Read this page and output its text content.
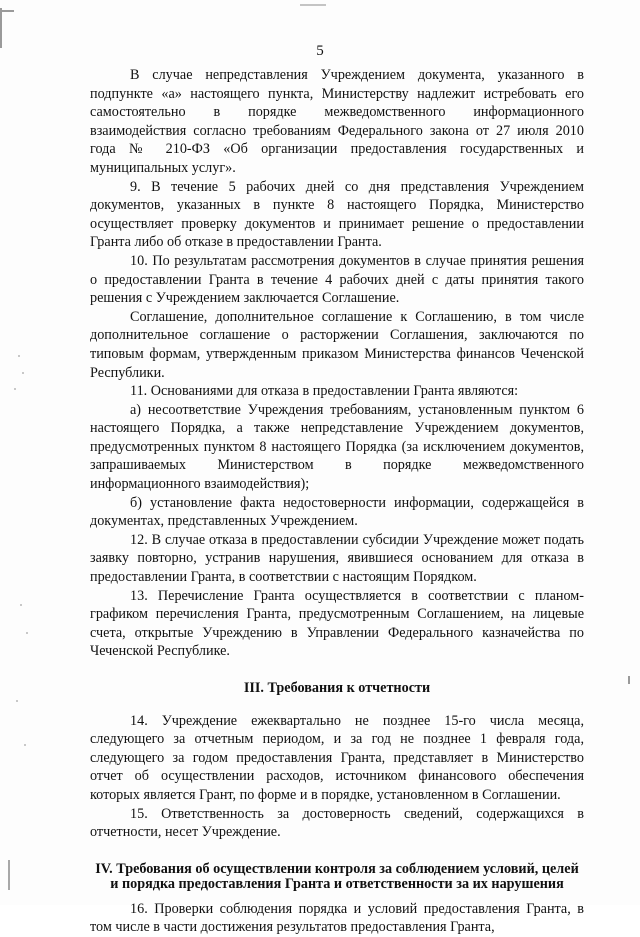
5

В случае непредставления Учреждением документа, указанного в подпункте «а» настоящего пункта, Министерству надлежит истребовать его самостоятельно в порядке межведомственного информационного взаимодействия согласно требованиям Федерального закона от 27 июля 2010 года № 210-ФЗ «Об организации предоставления государственных и муниципальных услуг».

9. В течение 5 рабочих дней со дня представления Учреждением документов, указанных в пункте 8 настоящего Порядка, Министерство осуществляет проверку документов и принимает решение о предоставлении Гранта либо об отказе в предоставлении Гранта.

10. По результатам рассмотрения документов в случае принятия решения о предоставлении Гранта в течение 4 рабочих дней с даты принятия такого решения с Учреждением заключается Соглашение.

Соглашение, дополнительное соглашение к Соглашению, в том числе дополнительное соглашение о расторжении Соглашения, заключаются по типовым формам, утвержденным приказом Министерства финансов Чеченской Республики.

11. Основаниями для отказа в предоставлении Гранта являются:

а) несоответствие Учреждения требованиям, установленным пунктом 6 настоящего Порядка, а также непредставление Учреждением документов, предусмотренных пунктом 8 настоящего Порядка (за исключением документов, запрашиваемых Министерством в порядке межведомственного информационного взаимодействия);

б) установление факта недостоверности информации, содержащейся в документах, представленных Учреждением.

12. В случае отказа в предоставлении субсидии Учреждение может подать заявку повторно, устранив нарушения, явившиеся основанием для отказа в предоставлении Гранта, в соответствии с настоящим Порядком.

13. Перечисление Гранта осуществляется в соответствии с планом-графиком перечисления Гранта, предусмотренным Соглашением, на лицевые счета, открытые Учреждению в Управлении Федерального казначейства по Чеченской Республике.

III. Требования к отчетности

14. Учреждение ежеквартально не позднее 15-го числа месяца, следующего за отчетным периодом, и за год не позднее 1 февраля года, следующего за годом предоставления Гранта, представляет в Министерство отчет об осуществлении расходов, источником финансового обеспечения которых является Грант, по форме и в порядке, установленном в Соглашении.

15. Ответственность за достоверность сведений, содержащихся в отчетности, несет Учреждение.

IV. Требования об осуществлении контроля за соблюдением условий, целей и порядка предоставления Гранта и ответственности за их нарушения

16. Проверки соблюдения порядка и условий предоставления Гранта, в том числе в части достижения результатов предоставления Гранта,
